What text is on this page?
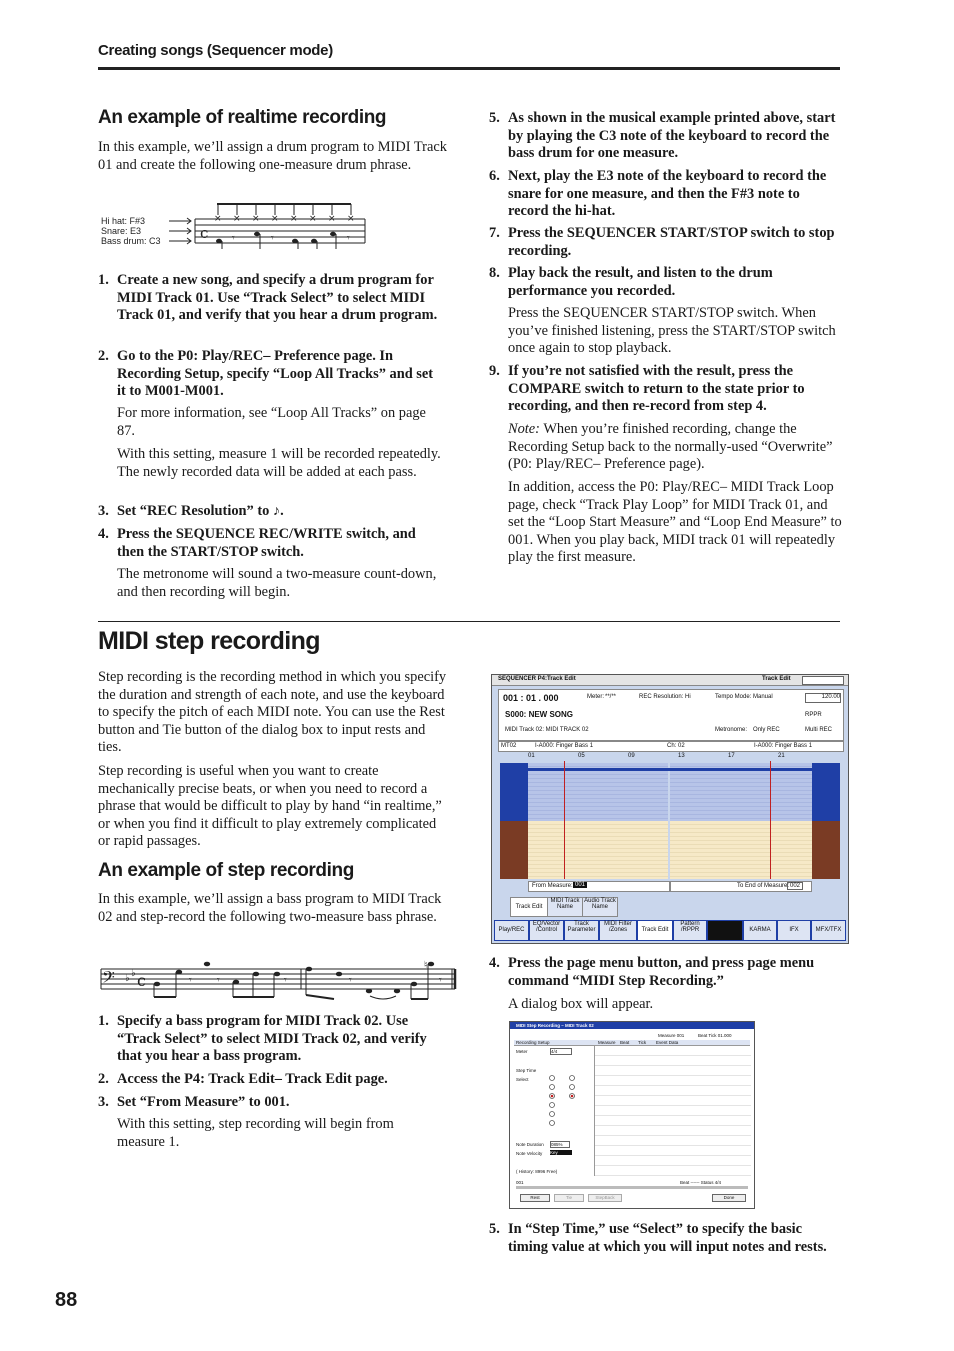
Creating songs (Sequencer mode)
An example of realtime recording
In this example, we’ll assign a drum program to MIDI Track 01 and create the following one-measure drum phrase.
Hi hat: F#3
Snare: E3
Bass drum: C3	c
× × × × × × × ×
𝄾	𝄾	𝄾
1. Create a new song, and specify a drum program for MIDI Track 01. Use “Track Select” to select MIDI Track 01, and verify that you hear a drum program.
2. Go to the P0: Play/REC– Preference page. In Recording Setup, specify “Loop All Tracks” and set it to M001-M001.
For more information, see “Loop All Tracks” on page 87.
With this setting, measure 1 will be recorded repeatedly. The newly recorded data will be added at each pass.
3. Set “REC Resolution” to ♪.
4. Press the SEQUENCE REC/WRITE switch, and then the START/STOP switch.
The metronome will sound a two-measure count-down, and then recording will begin.
5. As shown in the musical example printed above, start by playing the C3 note of the keyboard to record the bass drum for one measure.
6. Next, play the E3 note of the keyboard to record the snare for one measure, and then the F#3 note to record the hi-hat.
7. Press the SEQUENCER START/STOP switch to stop recording.
8. Play back the result, and listen to the drum performance you recorded.
Press the SEQUENCER START/STOP switch. When you’ve finished listening, press the START/STOP switch once again to stop playback.
9. If you’re not satisfied with the result, press the COMPARE switch to return to the state prior to recording, and then re-record from step 4.
Note: When you’re finished recording, change the Recording Setup back to the normally-used “Overwrite” (P0: Play/REC– Preference page).
In addition, access the P0: Play/REC– MIDI Track Loop page, check “Track Play Loop” for MIDI Track 01, and set the “Loop Start Measure” and “Loop End Measure” to 001. When you play back, MIDI track 01 will repeatedly play the first measure.
MIDI step recording
Step recording is the recording method in which you specify the duration and strength of each note, and use the keyboard to specify the pitch of each MIDI note. You can use the Rest button and Tie button of the dialog box to input rests and ties.
Step recording is useful when you want to create mechanically precise beats, or when you need to record a phrase that would be difficult to play by hand “in realtime,” or when you find it difficult to play extremely complicated or rapid passages.
An example of step recording
In this example, we’ll assign a bass program to MIDI Track 02 and step-record the following two-measure bass phrase.
𝄢 ♭ ♭ c	𝄾	𝄾	𝄾	𝄾	𝄾
♮
1. Specify a bass program for MIDI Track 02. Use “Track Select” to select MIDI Track 02, and verify that you hear a bass program.
2. Access the P4: Track Edit– Track Edit page.
3. Set “From Measure” to 001.
With this setting, step recording will begin from measure 1.
SEQUENCER P4:Track Edit	Track Edit
001 : 01 . 000	Meter: **/**	REC Resolution: Hi	Tempo Mode: Manual	120.00
S000: NEW SONG	RPPR
MIDI Track 02: MIDI TRACK 02	Metronome: Only REC	Multi REC
MT02	I-A000: Finger Bass 1	Ch: 02	I-A000: Finger Bass 1
01	05	09	13	17	21
From Measure: 001	To End of Measure: 002
Track Edit
MIDI Track Name
Audio Track Name
Play/REC
EQ/Vector /Control
Track Parameter
MIDI Filter /Zones	Track Edit
Pattern /RPPR	KARMA	IFX	MFX/TFX
4. Press the page menu button, and press page menu command “MIDI Step Recording.”
A dialog box will appear.
MIDI Step Recording – MIDI Track 02
Measure 001	Beat Tick 01.000
Recording Setup	Measure Beat Tick Event Data
Meter	4/4
Step Time
Select
Note Duration 085%
Note Velocity Key
( History: 8996 Free)
001	Beat ------ Status 4/4
Rest	Tie	StepBack	Done
5. In “Step Time,” use “Select” to specify the basic timing value at which you will input notes and rests.
88
